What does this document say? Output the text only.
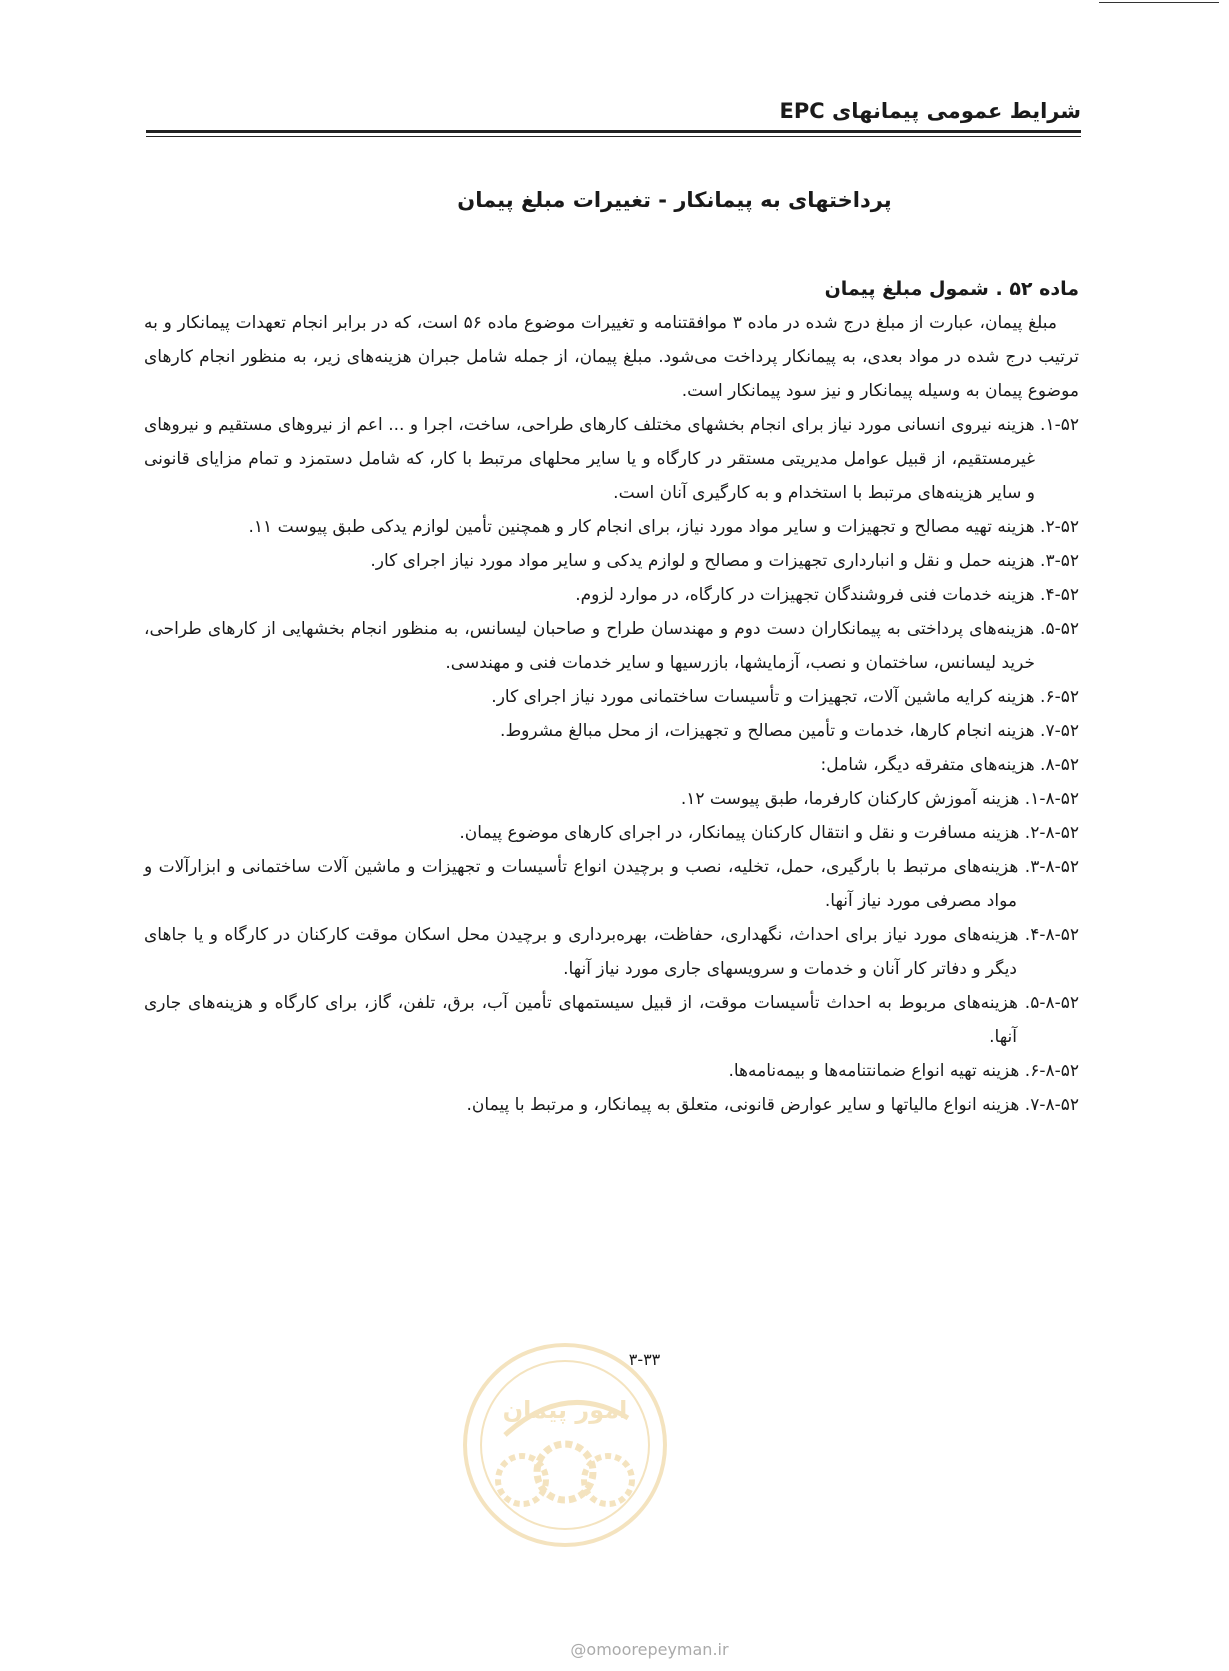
شرایط عمومی پیمانهای EPC
پرداختهای به پیمانکار - تغییرات مبلغ پیمان
ماده ۵۲ . شمول مبلغ پیمان

مبلغ پیمان، عبارت از مبلغ درج شده در ماده ۳ موافقتنامه و تغییرات موضوع ماده ۵۶ است، که در برابر انجام تعهدات پیمانکار و به ترتیب درج شده در مواد بعدی، به پیمانکار پرداخت می‌شود. مبلغ پیمان، از جمله شامل جبران هزینه‌های زیر، به منظور انجام کارهای موضوع پیمان به وسیله پیمانکار و نیز سود پیمانکار است.

۱-۵۲. هزینه نیروی انسانی مورد نیاز برای انجام بخشهای مختلف کارهای طراحی، ساخت، اجرا و ... اعم از نیروهای مستقیم و نیروهای غیرمستقیم، از قبیل عوامل مدیریتی مستقر در کارگاه و یا سایر محلهای مرتبط با کار، که شامل دستمزد و تمام مزایای قانونی و سایر هزینه‌های مرتبط با استخدام و به کارگیری آنان است.

۲-۵۲. هزینه تهیه مصالح و تجهیزات و سایر مواد مورد نیاز، برای انجام کار و همچنین تأمین لوازم یدکی طبق پیوست ۱۱.

۳-۵۲. هزینه حمل و نقل و انبارداری تجهیزات و مصالح و لوازم یدکی و سایر مواد مورد نیاز اجرای کار.

۴-۵۲. هزینه خدمات فنی فروشندگان تجهیزات در کارگاه، در موارد لزوم.

۵-۵۲. هزینه‌های پرداختی به پیمانکاران دست دوم و مهندسان طراح و صاحبان لیسانس، به منظور انجام بخشهایی از کارهای طراحی، خرید لیسانس، ساختمان و نصب، آزمایشها، بازرسیها و سایر خدمات فنی و مهندسی.

۶-۵۲. هزینه کرایه ماشین آلات، تجهیزات و تأسیسات ساختمانی مورد نیاز اجرای کار.

۷-۵۲. هزینه انجام کارها، خدمات و تأمین مصالح و تجهیزات، از محل مبالغ مشروط.

۸-۵۲. هزینه‌های متفرقه دیگر، شامل:

۱-۸-۵۲. هزینه آموزش کارکنان کارفرما، طبق پیوست ۱۲.

۲-۸-۵۲. هزینه مسافرت و نقل و انتقال کارکنان پیمانکار، در اجرای کارهای موضوع پیمان.

۳-۸-۵۲. هزینه‌های مرتبط با بارگیری، حمل، تخلیه، نصب و برچیدن انواع تأسیسات و تجهیزات و ماشین آلات ساختمانی و ابزارآلات و مواد مصرفی مورد نیاز آنها.

۴-۸-۵۲. هزینه‌های مورد نیاز برای احداث، نگهداری، حفاظت، بهره‌برداری و برچیدن محل اسکان موقت کارکنان در کارگاه و یا جاهای دیگر و دفاتر کار آنان و خدمات و سرویسهای جاری مورد نیاز آنها.

۵-۸-۵۲. هزینه‌های مربوط به احداث تأسیسات موقت، از قبیل سیستمهای تأمین آب، برق، تلفن، گاز، برای کارگاه و هزینه‌های جاری آنها.

۶-۸-۵۲. هزینه تهیه انواع ضمانتنامه‌ها و بیمه‌نامه‌ها.

۷-۸-۵۲. هزینه انواع مالیاتها و سایر عوارض قانونی، متعلق به پیمانکار، و مرتبط با پیمان.

۳-۳۳
امور پیمان
@omoorepeyman.ir
